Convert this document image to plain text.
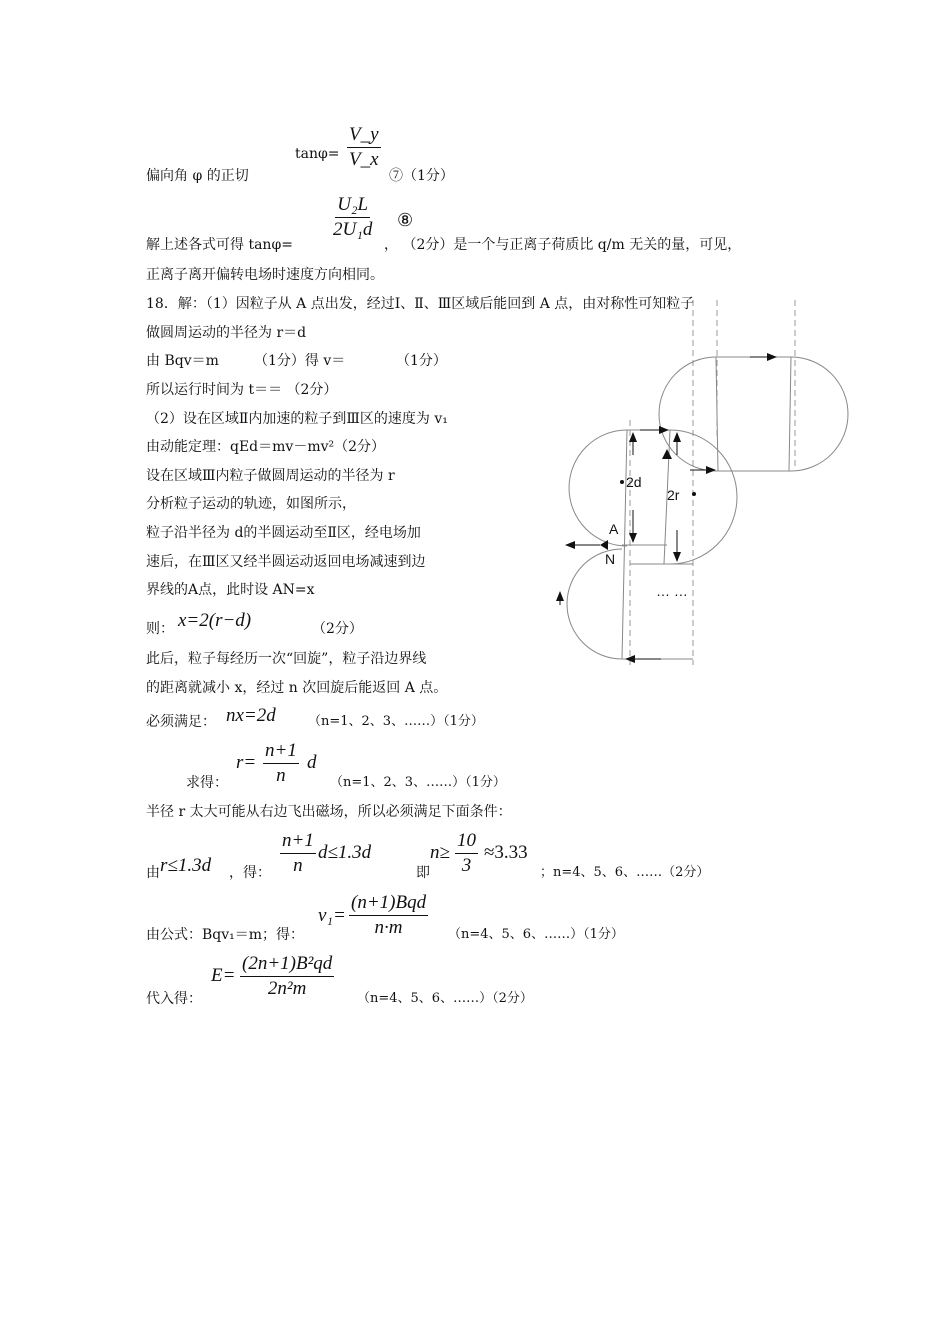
$\tan\varphi= \frac{V\_y}{V\_x}$
偏向角 φ 的正切	⑦（1分）
$\frac{\text{U₂L}}{\text{2U₁d}}$ ⑧
解上述各式可得 tanφ=	， （2分）是一个与正离子荷质比 q/m 无关的量，可见，
正离子离开偏转电场时速度方向相同。
18．解：（1）因粒子从 A 点出发，经过Ⅰ、Ⅱ、Ⅲ区域后能回到 A 点，由对称性可知粒子
做圆周运动的半径为 r＝d
由 Bqv＝m	（1分）得 v＝	（1分）
所以运行时间为 t＝＝ （2分）
（2）设在区域Ⅱ内加速的粒子到Ⅲ区的速度为 v₁
由动能定理：qEd＝mv－mv²（2分）
设在区域Ⅲ内粒子做圆周运动的半径为 r
分析粒子运动的轨迹，如图所示，
粒子沿半径为 d的半圆运动至Ⅱ区，经电场加
速后，在Ⅲ区又经半圆运动返回电场减速到边
界线的A点，此时设 AN=x
则： x=2(r−d)	（2分）
此后，粒子每经历一次“回旋”，粒子沿边界线
的距离就减小 x，经过 n 次回旋后能返回 A 点。
必须满足： nx=2d （n=1、2、3、……）（1分）
求得：
$r= \frac{n+1}{n}$ d
（n=1、2、3、……）（1分）
半径 r 太大可能从右边飞出磁场，所以必须满足下面条件：
由 r≤1.3d ，得： $\frac{n+1}{n} d\le 1.3d$
即
$n\ge \frac{10}{3} \approx 3.33$
；n=4、5、6、……（2分）
由公式：Bqv₁＝m；得：
v₁=
(n+1)Bqd
n·m	（n=4、5、6、……）（1分）
代入得：
$E= \frac{\text{(2n+1)B²qd}}{\text{2n²m}} (n=4$、5、6、……）（2分）
2d
2r
A
N
… …
